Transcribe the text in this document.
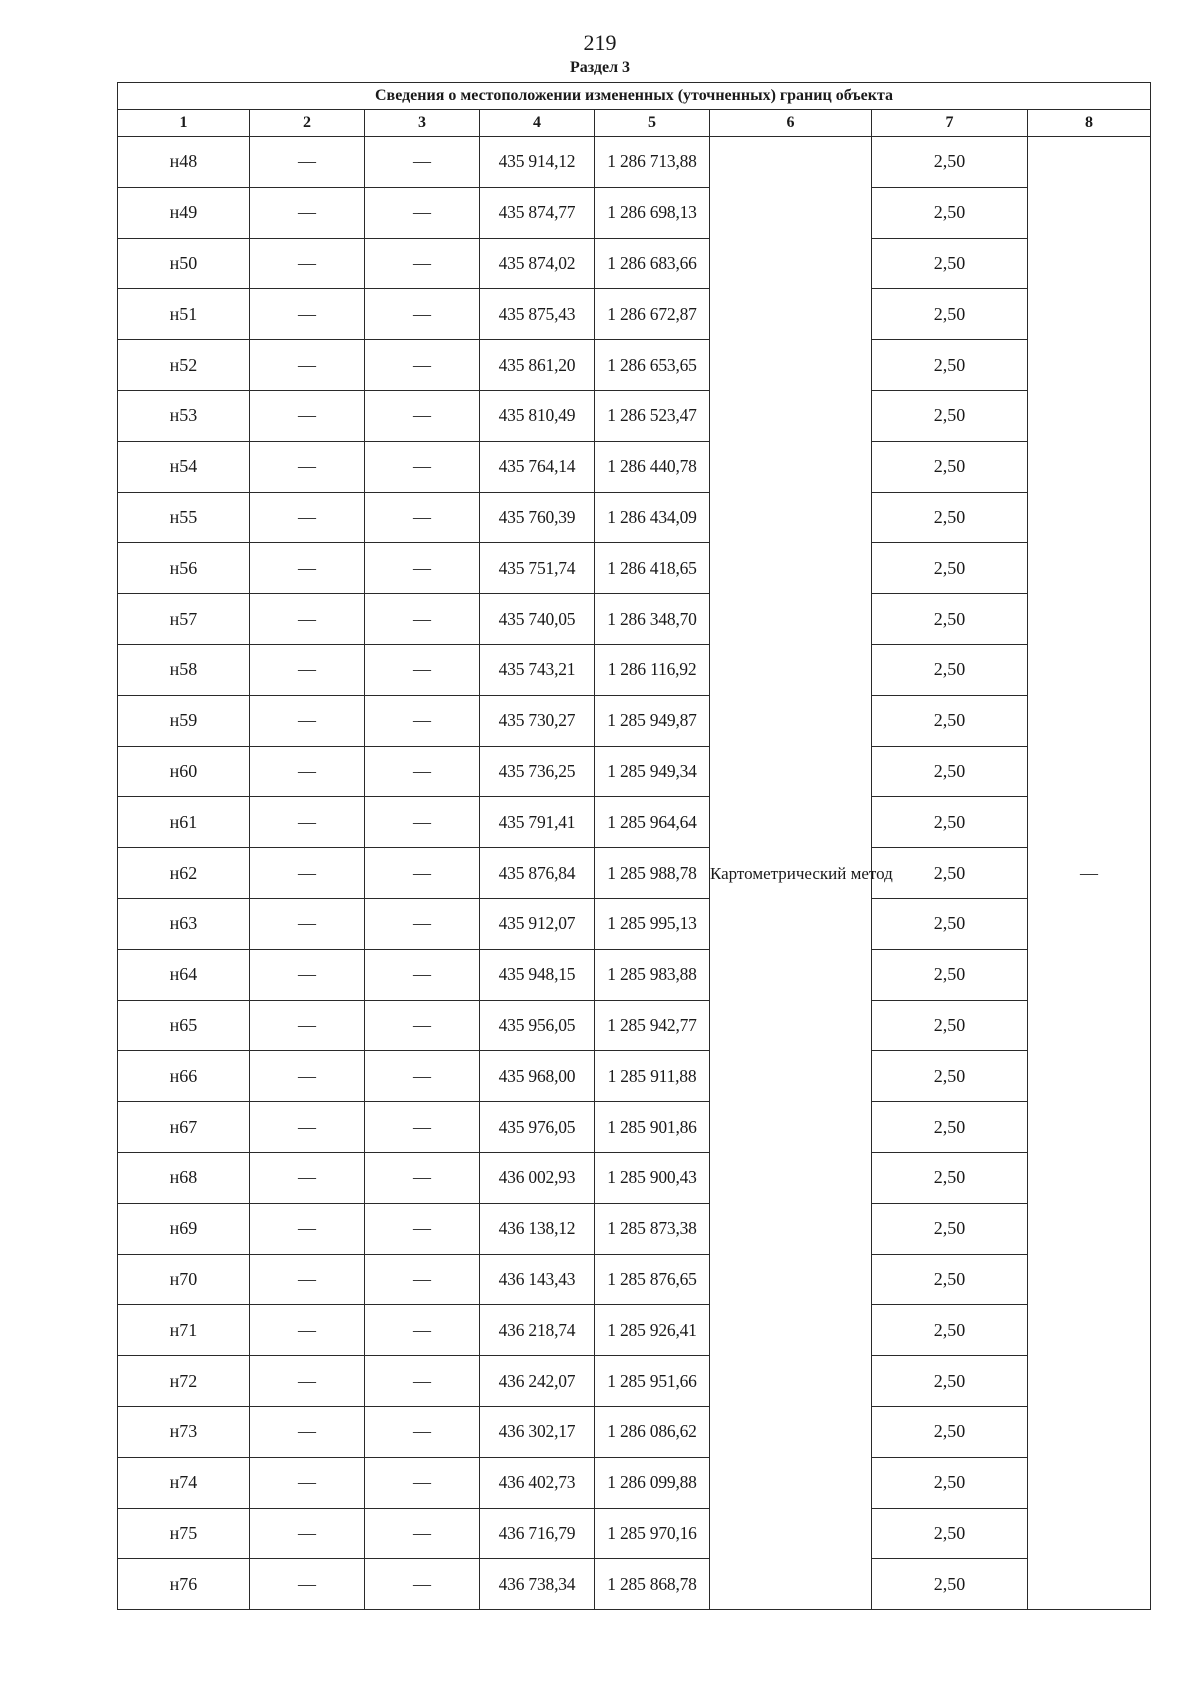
219
Раздел 3
Сведения о местоположении измененных (уточненных) границ объекта							
1	2	3	4	5	6	7	8
н48	—	—	435 914,12	1 286 713,88	Картометрический метод	2,50	—
н49	—	—	435 874,77	1 286 698,13		2,50	
н50	—	—	435 874,02	1 286 683,66		2,50	
н51	—	—	435 875,43	1 286 672,87		2,50	
н52	—	—	435 861,20	1 286 653,65		2,50	
н53	—	—	435 810,49	1 286 523,47		2,50	
н54	—	—	435 764,14	1 286 440,78		2,50	
н55	—	—	435 760,39	1 286 434,09		2,50	
н56	—	—	435 751,74	1 286 418,65		2,50	
н57	—	—	435 740,05	1 286 348,70		2,50	
н58	—	—	435 743,21	1 286 116,92		2,50	
н59	—	—	435 730,27	1 285 949,87		2,50	
н60	—	—	435 736,25	1 285 949,34		2,50	
н61	—	—	435 791,41	1 285 964,64		2,50	
н62	—	—	435 876,84	1 285 988,78		2,50	
н63	—	—	435 912,07	1 285 995,13		2,50	
н64	—	—	435 948,15	1 285 983,88		2,50	
н65	—	—	435 956,05	1 285 942,77		2,50	
н66	—	—	435 968,00	1 285 911,88		2,50	
н67	—	—	435 976,05	1 285 901,86		2,50	
н68	—	—	436 002,93	1 285 900,43		2,50	
н69	—	—	436 138,12	1 285 873,38		2,50	
н70	—	—	436 143,43	1 285 876,65		2,50	
н71	—	—	436 218,74	1 285 926,41		2,50	
н72	—	—	436 242,07	1 285 951,66		2,50	
н73	—	—	436 302,17	1 286 086,62		2,50	
н74	—	—	436 402,73	1 286 099,88		2,50	
н75	—	—	436 716,79	1 285 970,16		2,50	
н76	—	—	436 738,34	1 285 868,78		2,50	
